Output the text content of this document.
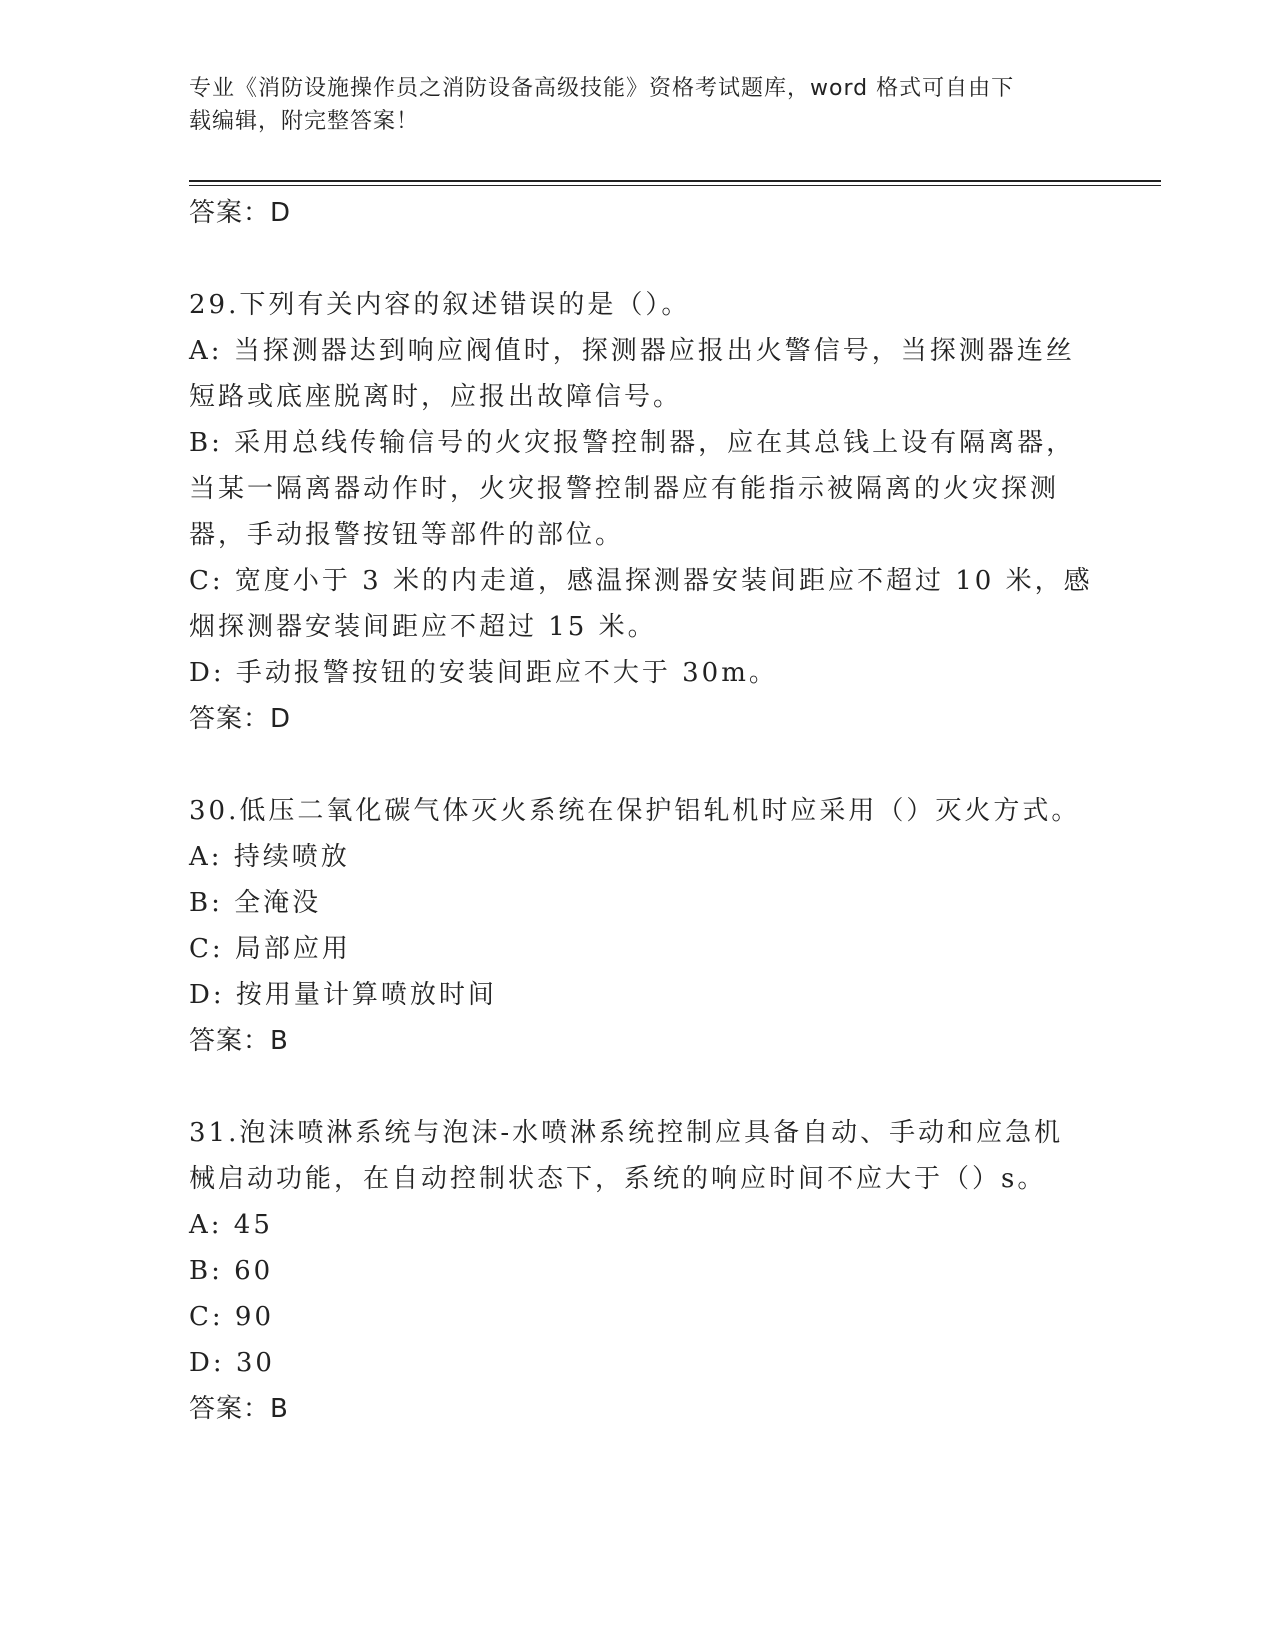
专业《消防设施操作员之消防设备高级技能》资格考试题库，word 格式可自由下
载编辑，附完整答案！
答案：D
29.下列有关内容的叙述错误的是（）。
A: 当探测器达到响应阀值时，探测器应报出火警信号，当探测器连丝
短路或底座脱离时，应报出故障信号。
B: 采用总线传输信号的火灾报警控制器，应在其总钱上设有隔离器，
当某一隔离器动作时，火灾报警控制器应有能指示被隔离的火灾探测
器，手动报警按钮等部件的部位。
C: 宽度小于 3 米的内走道，感温探测器安装间距应不超过 10 米，感
烟探测器安装间距应不超过 15 米。
D: 手动报警按钮的安装间距应不大于 30m。
答案：D
30.低压二氧化碳气体灭火系统在保护铝轧机时应采用（）灭火方式。
A: 持续喷放
B: 全淹没
C: 局部应用
D: 按用量计算喷放时间
答案：B
31.泡沫喷淋系统与泡沫-水喷淋系统控制应具备自动、手动和应急机
械启动功能，在自动控制状态下，系统的响应时间不应大于（）s。
A: 45
B: 60
C: 90
D: 30
答案：B
